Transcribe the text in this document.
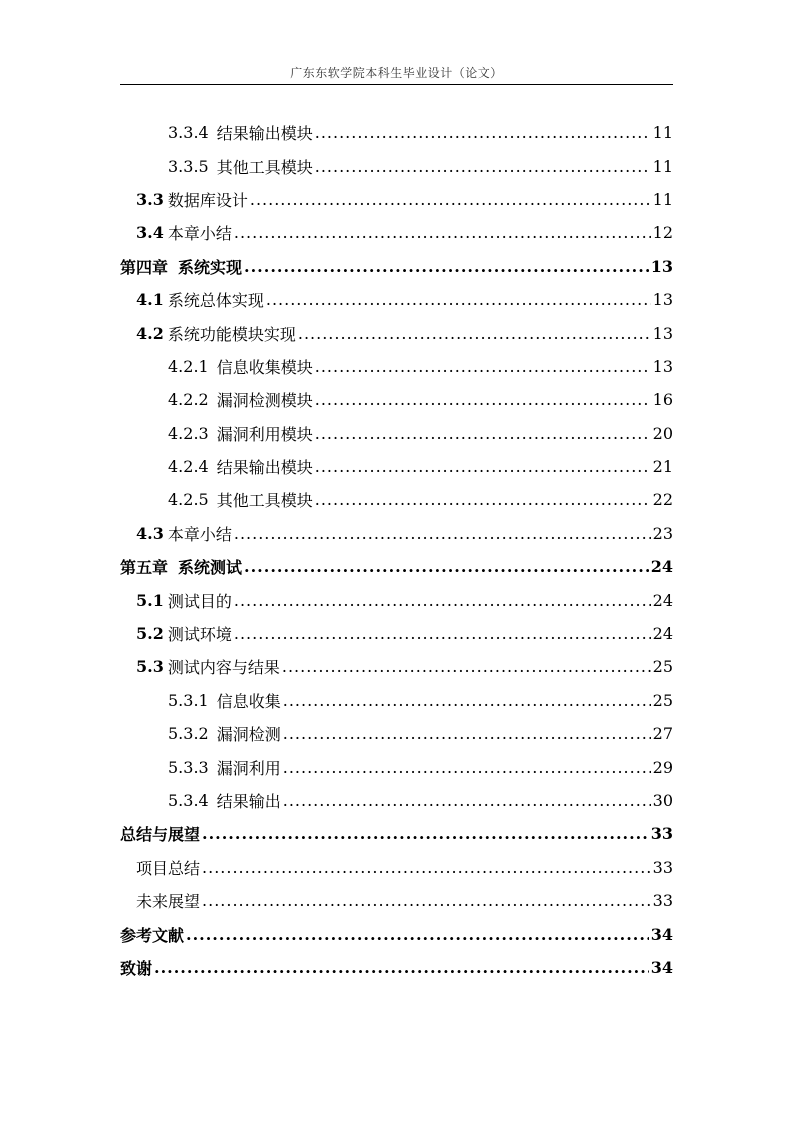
广东东软学院本科生毕业设计（论文）
3.3.4 结果输出模块 .....	11
3.3.5 其他工具模块 .....	11
3.3 数据库设计 .....	11
3.4 本章小结 .....	12
第四章 系统实现 .....	13
4.1 系统总体实现 .....	13
4.2 系统功能模块实现 .....	13
4.2.1 信息收集模块 .....	13
4.2.2 漏洞检测模块 .....	16
4.2.3 漏洞利用模块 .....	20
4.2.4 结果输出模块 .....	21
4.2.5 其他工具模块 .....	22
4.3 本章小结 .....	23
第五章 系统测试 .....	24
5.1 测试目的 .....	24
5.2 测试环境 .....	24
5.3 测试内容与结果 .....	25
5.3.1 信息收集 .....	25
5.3.2 漏洞检测 .....	27
5.3.3 漏洞利用 .....	29
5.3.4 结果输出 .....	30
总结与展望 .....	33
项目总结 .....	33
未来展望 .....	33
参考文献 .....	34
致谢 .....	34
